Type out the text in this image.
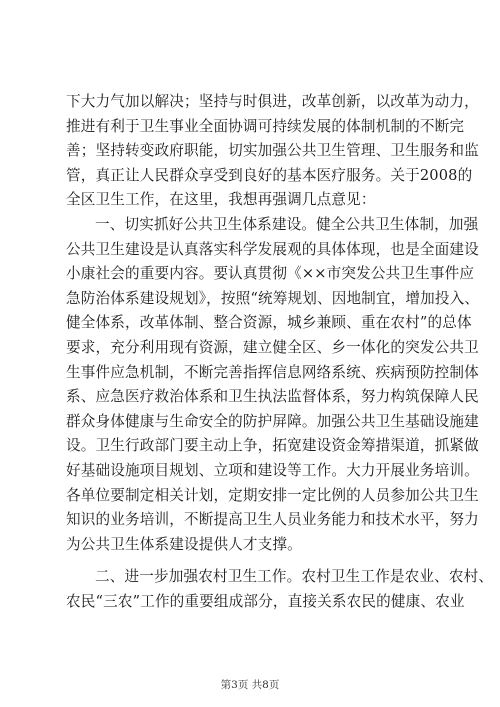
下大力气加以解决；坚持与时俱进，改革创新，以改革为动力，
推进有利于卫生事业全面协调可持续发展的体制机制的不断完
善；坚持转变政府职能，切实加强公共卫生管理、卫生服务和监
管，真正让人民群众享受到良好的基本医疗服务。关于2008的
全区卫生工作，在这里，我想再强调几点意见：
一、切实抓好公共卫生体系建设。健全公共卫生体制，加强
公共卫生建设是认真落实科学发展观的具体体现，也是全面建设
小康社会的重要内容。要认真贯彻《××市突发公共卫生事件应
急防治体系建设规划》，按照“统筹规划、因地制宜，增加投入、
健全体系，改革体制、整合资源，城乡兼顾、重在农村”的总体
要求，充分利用现有资源，建立健全区、乡一体化的突发公共卫
生事件应急机制，不断完善指挥信息网络系统、疾病预防控制体
系、应急医疗救治体系和卫生执法监督体系，努力构筑保障人民
群众身体健康与生命安全的防护屏障。加强公共卫生基础设施建
设。卫生行政部门要主动上争，拓宽建设资金筹措渠道，抓紧做
好基础设施项目规划、立项和建设等工作。大力开展业务培训。
各单位要制定相关计划，定期安排一定比例的人员参加公共卫生
知识的业务培训，不断提高卫生人员业务能力和技术水平，努力
为公共卫生体系建设提供人才支撑。
二、进一步加强农村卫生工作。农村卫生工作是农业、农村、
农民“三农”工作的重要组成部分，直接关系农民的健康、农业
第3页 共8页
